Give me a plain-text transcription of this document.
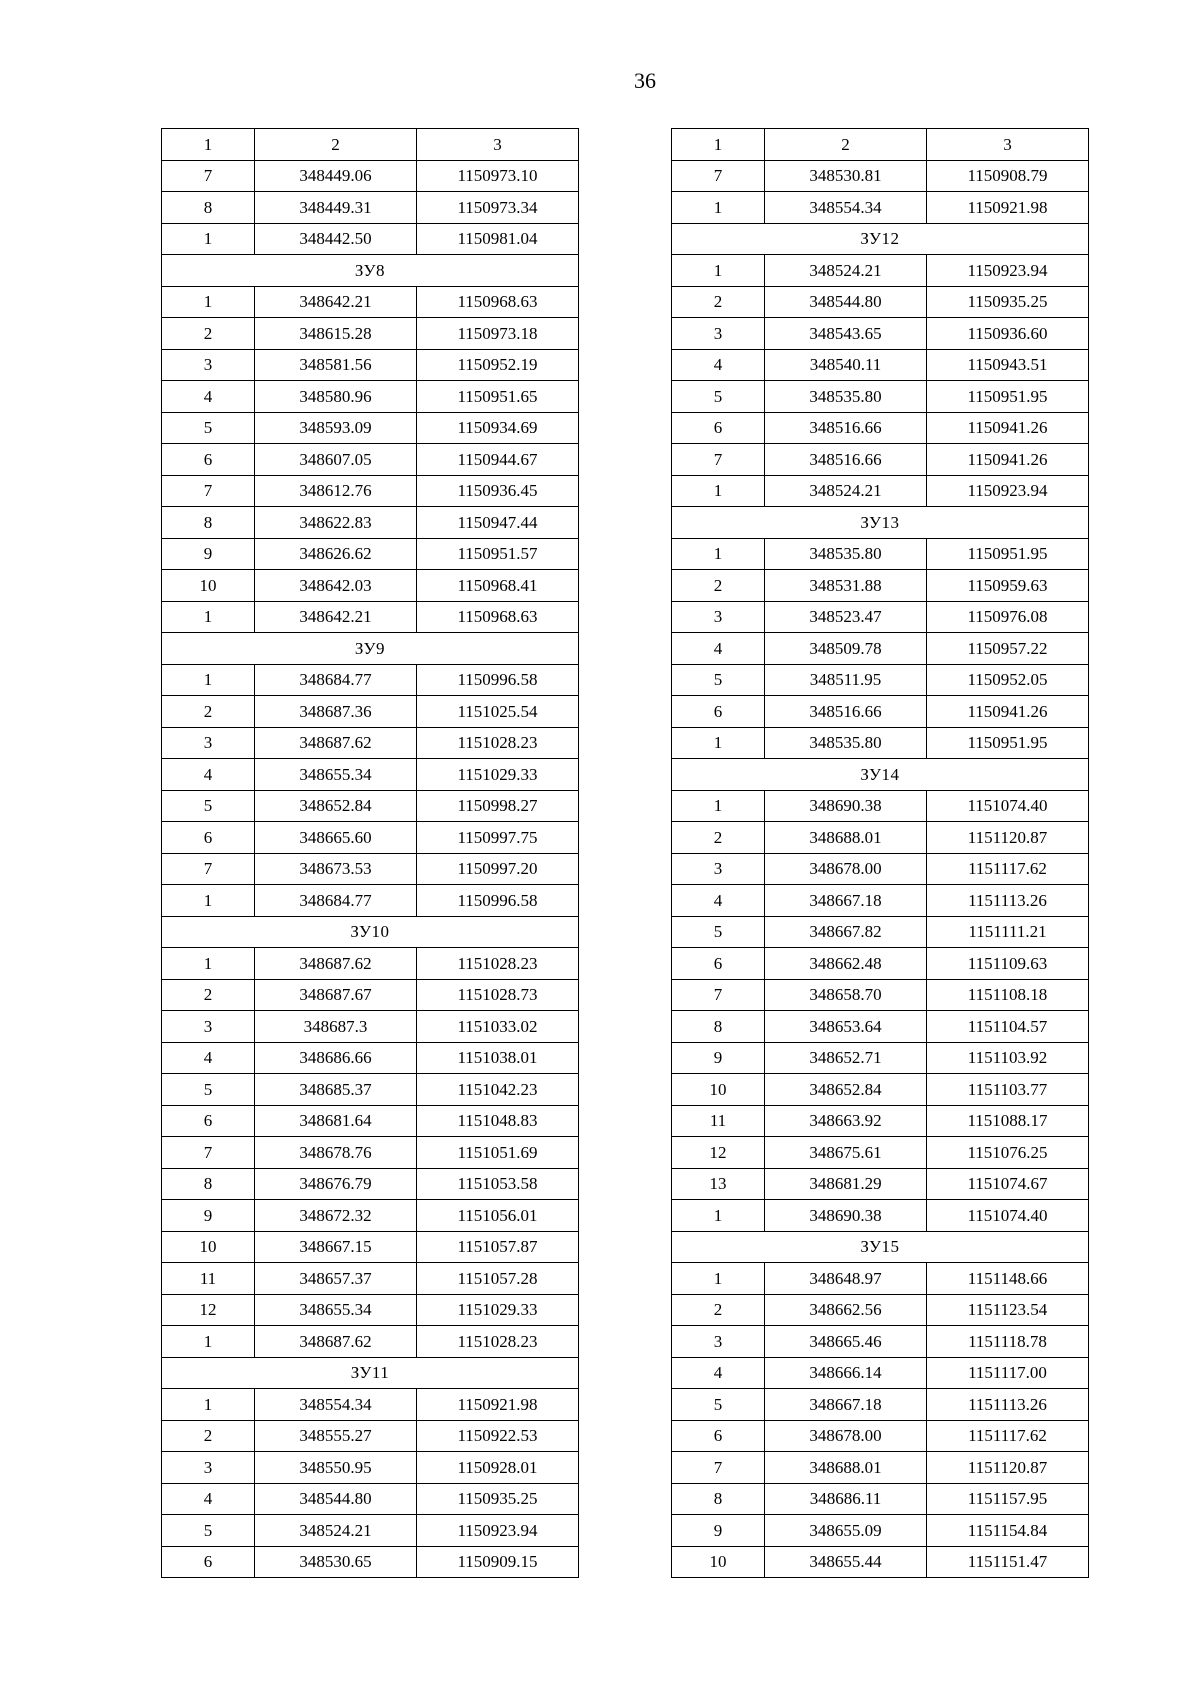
36
1	2	3
7	348449.06	1150973.10
8	348449.31	1150973.34
1	348442.50	1150981.04
ЗУ8		
1	348642.21	1150968.63
2	348615.28	1150973.18
3	348581.56	1150952.19
4	348580.96	1150951.65
5	348593.09	1150934.69
6	348607.05	1150944.67
7	348612.76	1150936.45
8	348622.83	1150947.44
9	348626.62	1150951.57
10	348642.03	1150968.41
1	348642.21	1150968.63
ЗУ9		
1	348684.77	1150996.58
2	348687.36	1151025.54
3	348687.62	1151028.23
4	348655.34	1151029.33
5	348652.84	1150998.27
6	348665.60	1150997.75
7	348673.53	1150997.20
1	348684.77	1150996.58
ЗУ10		
1	348687.62	1151028.23
2	348687.67	1151028.73
3	348687.3	1151033.02
4	348686.66	1151038.01
5	348685.37	1151042.23
6	348681.64	1151048.83
7	348678.76	1151051.69
8	348676.79	1151053.58
9	348672.32	1151056.01
10	348667.15	1151057.87
11	348657.37	1151057.28
12	348655.34	1151029.33
1	348687.62	1151028.23
ЗУ11		
1	348554.34	1150921.98
2	348555.27	1150922.53
3	348550.95	1150928.01
4	348544.80	1150935.25
5	348524.21	1150923.94
6	348530.65	1150909.15
1	2	3
7	348530.81	1150908.79
1	348554.34	1150921.98
ЗУ12		
1	348524.21	1150923.94
2	348544.80	1150935.25
3	348543.65	1150936.60
4	348540.11	1150943.51
5	348535.80	1150951.95
6	348516.66	1150941.26
7	348516.66	1150941.26
1	348524.21	1150923.94
ЗУ13		
1	348535.80	1150951.95
2	348531.88	1150959.63
3	348523.47	1150976.08
4	348509.78	1150957.22
5	348511.95	1150952.05
6	348516.66	1150941.26
1	348535.80	1150951.95
ЗУ14		
1	348690.38	1151074.40
2	348688.01	1151120.87
3	348678.00	1151117.62
4	348667.18	1151113.26
5	348667.82	1151111.21
6	348662.48	1151109.63
7	348658.70	1151108.18
8	348653.64	1151104.57
9	348652.71	1151103.92
10	348652.84	1151103.77
11	348663.92	1151088.17
12	348675.61	1151076.25
13	348681.29	1151074.67
1	348690.38	1151074.40
ЗУ15		
1	348648.97	1151148.66
2	348662.56	1151123.54
3	348665.46	1151118.78
4	348666.14	1151117.00
5	348667.18	1151113.26
6	348678.00	1151117.62
7	348688.01	1151120.87
8	348686.11	1151157.95
9	348655.09	1151154.84
10	348655.44	1151151.47
